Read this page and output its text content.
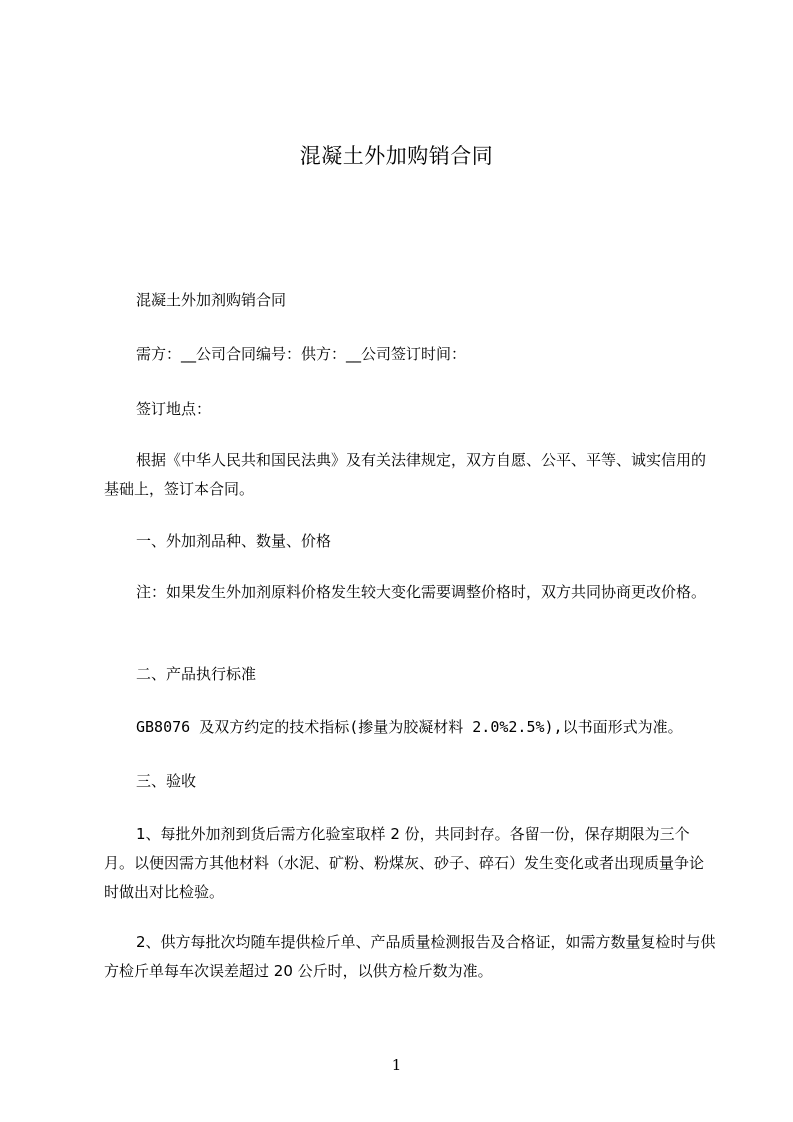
混凝土外加购销合同
混凝土外加剂购销合同
需方：__公司合同编号：供方：__公司签订时间：
签订地点：
根据《中华人民共和国民法典》及有关法律规定，双方自愿、公平、平等、诚实信用的基础上，签订本合同。
一、外加剂品种、数量、价格
注：如果发生外加剂原料价格发生较大变化需要调整价格时，双方共同协商更改价格。
二、产品执行标准
GB8076 及双方约定的技术指标(掺量为胶凝材料 2.0%2.5%),以书面形式为准。
三、验收
1、每批外加剂到货后需方化验室取样 2 份，共同封存。各留一份，保存期限为三个月。以便因需方其他材料（水泥、矿粉、粉煤灰、砂子、碎石）发生变化或者出现质量争论时做出对比检验。
2、供方每批次均随车提供检斤单、产品质量检测报告及合格证，如需方数量复检时与供方检斤单每车次误差超过 20 公斤时，以供方检斤数为准。
1
